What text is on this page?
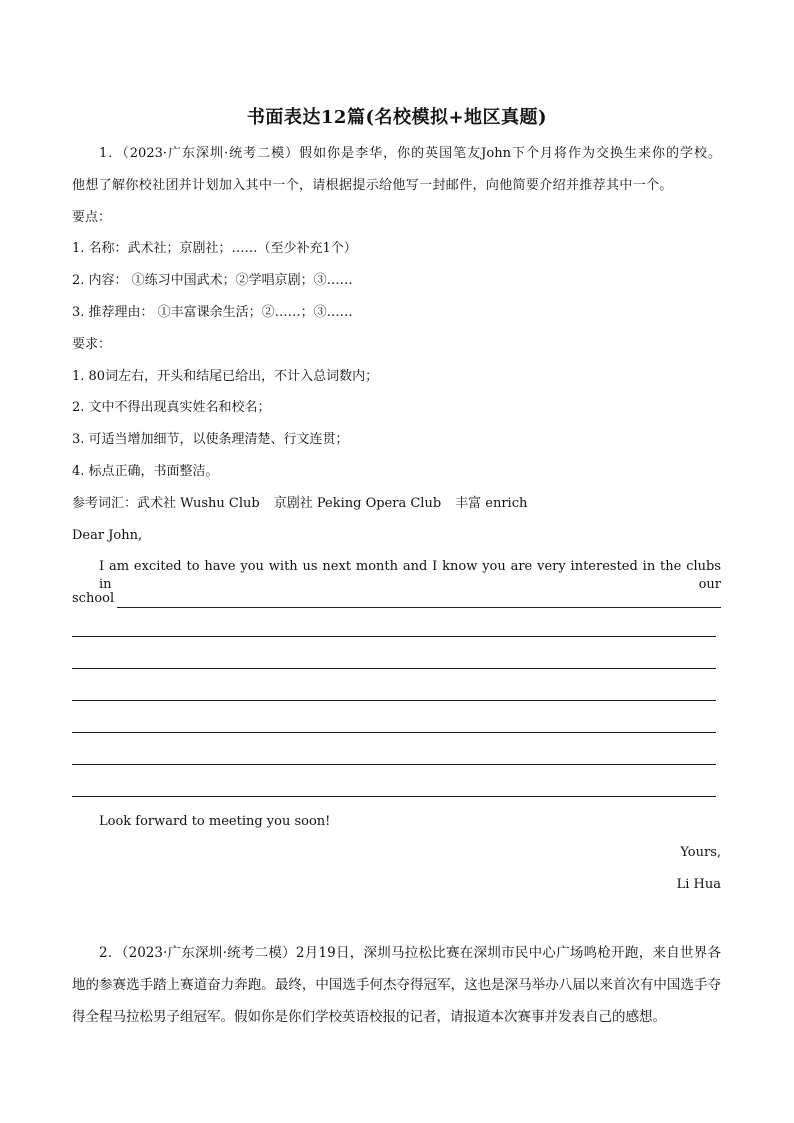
书面表达12篇(名校模拟+地区真题)
1．（2023·广东深圳·统考二模）假如你是李华，你的英国笔友John下个月将作为交换生来你的学校。
他想了解你校社团并计划加入其中一个，请根据提示给他写一封邮件，向他简要介绍并推荐其中一个。
要点：
1. 名称：武术社；京剧社；……（至少补充1个）
2. 内容： ①练习中国武术；②学唱京剧；③……
3. 推荐理由： ①丰富课余生活；②……；③……
要求：
1. 80词左右，开头和结尾已给出，不计入总词数内；
2. 文中不得出现真实姓名和校名；
3. 可适当增加细节，以使条理清楚、行文连贯；
4. 标点正确，书面整洁。
参考词汇：武术社 Wushu Club 京剧社 Peking Opera Club 丰富 enrich
Dear John,
I am excited to have you with us next month and I know you are very interested in the clubs in our
school
Look forward to meeting you soon!
Yours,
Li Hua
2．（2023·广东深圳·统考二模）2月19日，深圳马拉松比赛在深圳市民中心广场鸣枪开跑，来自世界各地的参赛选手踏上赛道奋力奔跑。最终，中国选手何杰夺得冠军，这也是深马举办八届以来首次有中国选手夺得全程马拉松男子组冠军。假如你是你们学校英语校报的记者，请报道本次赛事并发表自己的感想。
